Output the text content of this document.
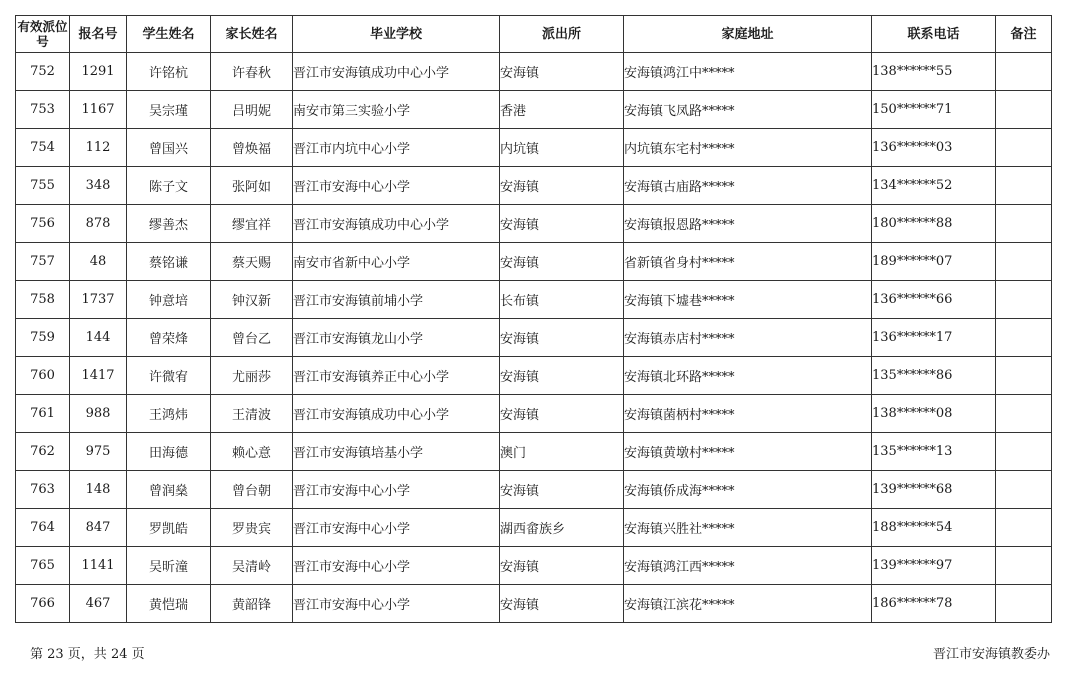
有效派位号	报名号	学生姓名	家长姓名	毕业学校	派出所	家庭地址	联系电话	备注
752	1291	许铭杭	许春秋	晋江市安海镇成功中心小学	安海镇	安海镇鸿江中*****	138******55	
753	1167	吴宗瑾	吕明妮	南安市第三实验小学	香港	安海镇飞凤路*****	150******71	
754	112	曾国兴	曾焕福	晋江市内坑中心小学	内坑镇	内坑镇东宅村*****	136******03	
755	348	陈子文	张阿如	晋江市安海中心小学	安海镇	安海镇古庙路*****	134******52	
756	878	缪善杰	缪宜祥	晋江市安海镇成功中心小学	安海镇	安海镇报恩路*****	180******88	
757	48	蔡铭谦	蔡天赐	南安市省新中心小学	安海镇	省新镇省身村*****	189******07	
758	1737	钟意培	钟汉新	晋江市安海镇前埔小学	长布镇	安海镇下墟巷*****	136******66	
759	144	曾荣烽	曾台乙	晋江市安海镇龙山小学	安海镇	安海镇赤店村*****	136******17	
760	1417	许微宥	尤丽莎	晋江市安海镇养正中心小学	安海镇	安海镇北环路*****	135******86	
761	988	王鸿炜	王清波	晋江市安海镇成功中心小学	安海镇	安海镇菌柄村*****	138******08	
762	975	田海德	赖心意	晋江市安海镇培基小学	澳门	安海镇黄墩村*****	135******13	
763	148	曾润燊	曾台朝	晋江市安海中心小学	安海镇	安海镇侨成海*****	139******68	
764	847	罗凯皓	罗贵宾	晋江市安海中心小学	湖西畲族乡	安海镇兴胜社*****	188******54	
765	1141	吴昕潼	吴清岭	晋江市安海中心小学	安海镇	安海镇鸿江西*****	139******97	
766	467	黄恺瑞	黄韶锋	晋江市安海中心小学	安海镇	安海镇江滨花*****	186******78	
第 23 页，共 24 页	晋江市安海镇教委办
